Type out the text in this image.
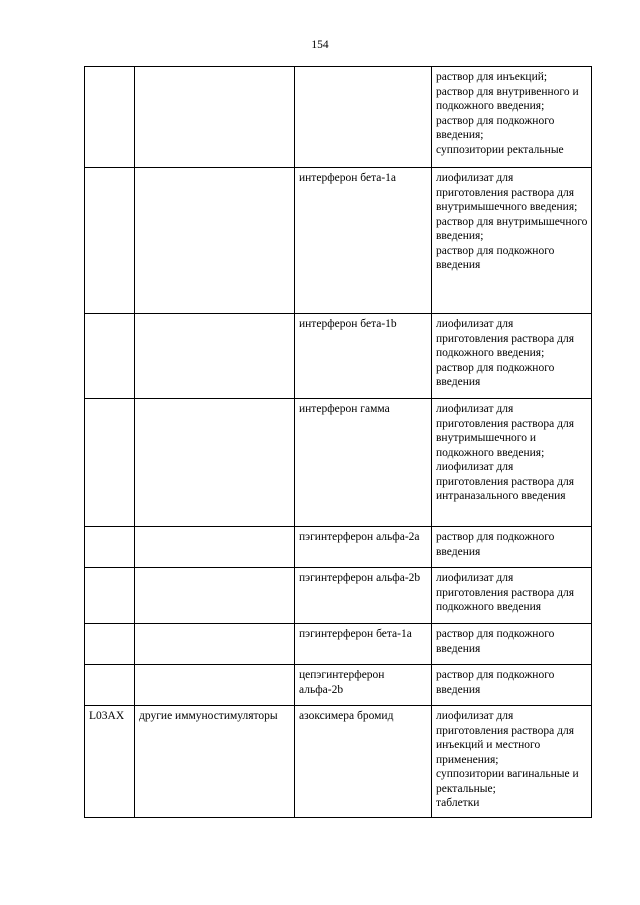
154
			раствор для инъекций;
раствор для внутривенного и подкожного введения;
раствор для подкожного введения;
суппозитории ректальные
		интерферон бета-1a	лиофилизат для приготовления раствора для внутримышечного введения;
раствор для внутримышечного введения;
раствор для подкожного введения
		интерферон бета-1b	лиофилизат для приготовления раствора для подкожного введения;
раствор для подкожного введения
		интерферон гамма	лиофилизат для приготовления раствора для внутримышечного и подкожного введения;
лиофилизат для приготовления раствора для интраназального введения
		пэгинтерферон альфа-2a	раствор для подкожного введения
		пэгинтерферон альфа-2b	лиофилизат для приготовления раствора для подкожного введения
		пэгинтерферон бета-1a	раствор для подкожного введения
		цепэгинтерферон альфа-2b	раствор для подкожного введения
L03AX	другие иммуностимуляторы	азоксимера бромид	лиофилизат для приготовления раствора для инъекций и местного применения;
суппозитории вагинальные и ректальные;
таблетки
